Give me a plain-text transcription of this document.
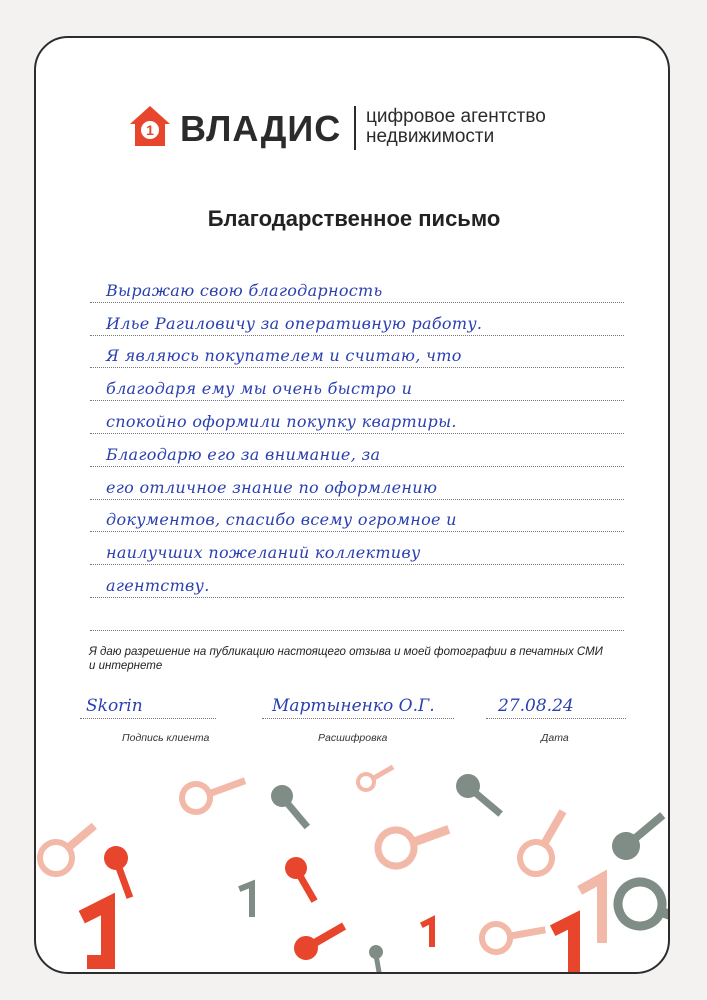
1 ВЛАДИС цифровое агентство
недвижимости
Благодарственное письмо
Выражаю свою благодарность
Илье Рагиловичу за оперативную работу.
Я являюсь покупателем и считаю, что
благодаря ему мы очень быстро и
спокойно оформили покупку квартиры.
Благодарю его за внимание, за
его отличное знание по оформлению
документов, спасибо всему огромное и
наилучших пожеланий коллективу
агентству.
Я даю разрешение на публикацию настоящего отзыва и моей фотографии в печатных СМИ и интернете
Skorin
Подпись клиента
Мартыненко О.Г.
Расшифровка
27.08.24
Дата
